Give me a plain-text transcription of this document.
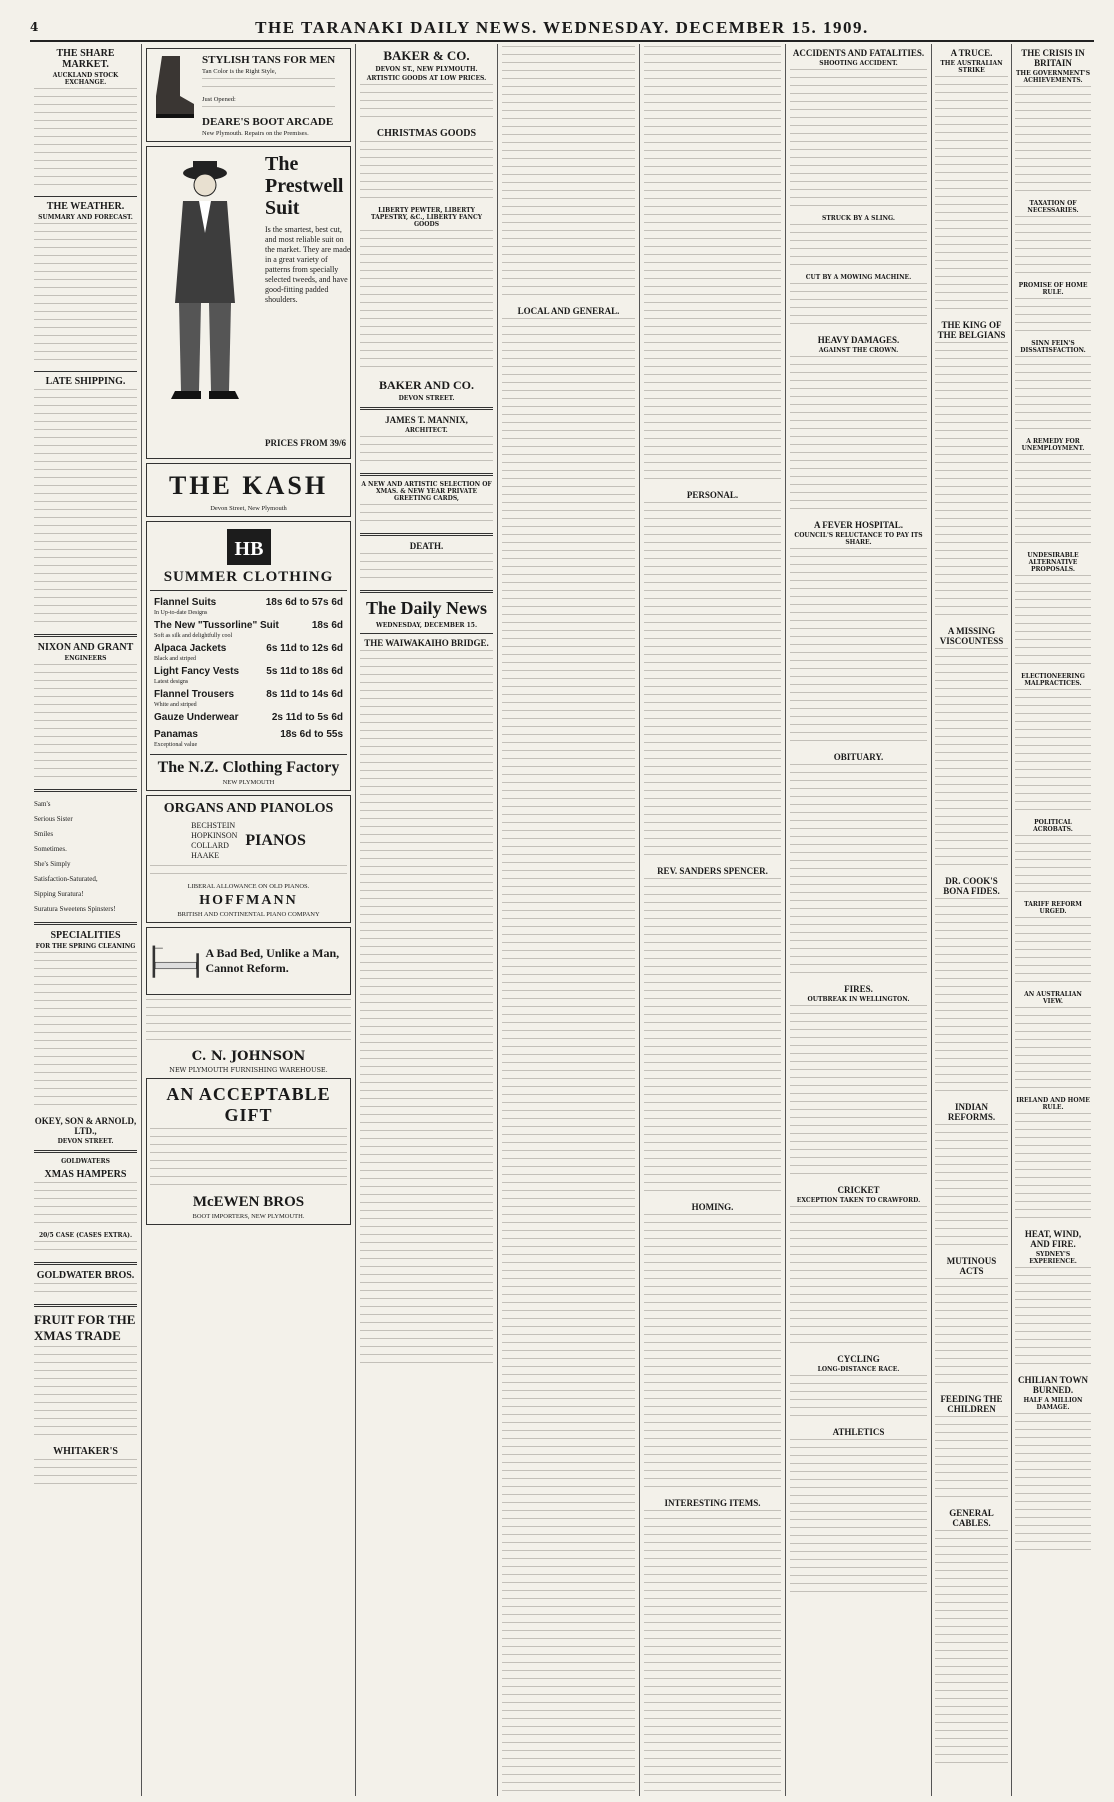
4	THE TARANAKI DAILY NEWS. WEDNESDAY. DECEMBER 15. 1909.
THE SHARE MARKET.
AUCKLAND STOCK EXCHANGE.
THE WEATHER.
SUMMARY AND FORECAST.
LATE SHIPPING.
NIXON AND GRANT
ENGINEERS
Sam's
Serious Sister
Smiles
Sometimes.
She's Simply
Satisfaction-Saturated,
Sipping Suratura!
Suratura Sweetens Spinsters!
SPECIALITIES
FOR THE SPRING CLEANING
OKEY, SON & ARNOLD, LTD.,
DEVON STREET.
GOLDWATERS
XMAS HAMPERS
20/5 CASE (CASES EXTRA).
GOLDWATER BROS.
FRUIT FOR THE XMAS TRADE
WHITAKER'S
STYLISH TANS FOR MEN
Tan Color is the Right Style,
Just Opened:
DEARE'S BOOT ARCADE
New Plymouth. Repairs on the Premises.
The Prestwell Suit
Is the smartest, best cut, and most reliable suit on the market. They are made in a great variety of patterns from specially selected tweeds, and have good-fitting padded shoulders.
PRICES FROM 39/6
THE KASH
Devon Street, New Plymouth
HB
SUMMER CLOTHING
Flannel Suits	18s 6d to 57s 6d
In Up-to-date Designs
The New "Tussorline" Suit	18s 6d
Soft as silk and delightfully cool
Alpaca Jackets	6s 11d to 12s 6d
Black and striped
Light Fancy Vests	5s 11d to 18s 6d
Latest designs
Flannel Trousers	8s 11d to 14s 6d
White and striped
Gauze Underwear	2s 11d to 5s 6d
Panamas	18s 6d to 55s
Exceptional value
The N.Z. Clothing Factory
NEW PLYMOUTH
ORGANS AND PIANOLOS
BECHSTEIN
HOPKINSON
COLLARD
HAAKE
PIANOS
LIBERAL ALLOWANCE ON OLD PIANOS.
HOFFMANN
BRITISH AND CONTINENTAL PIANO COMPANY
A Bad Bed, Unlike a Man, Cannot Reform.
C. N. JOHNSON
NEW PLYMOUTH FURNISHING WAREHOUSE.
AN ACCEPTABLE GIFT
McEWEN BROS
BOOT IMPORTERS, NEW PLYMOUTH.
BAKER & CO.
DEVON ST., NEW PLYMOUTH.
ARTISTIC GOODS AT LOW PRICES.
CHRISTMAS GOODS
LIBERTY PEWTER, LIBERTY TAPESTRY, &C., LIBERTY FANCY GOODS
BAKER AND CO.
DEVON STREET.
JAMES T. MANNIX,
ARCHITECT.
A NEW AND ARTISTIC SELECTION OF XMAS. & NEW YEAR PRIVATE GREETING CARDS,
DEATH.
The Daily News
WEDNESDAY, DECEMBER 15.
THE WAIWAKAIHO BRIDGE.
LOCAL AND GENERAL.
PERSONAL.
REV. SANDERS SPENCER.
HOMING.
INTERESTING ITEMS.
ACCIDENTS AND FATALITIES.
SHOOTING ACCIDENT.
STRUCK BY A SLING.
CUT BY A MOWING MACHINE.
HEAVY DAMAGES.
AGAINST THE CROWN.
A FEVER HOSPITAL.
COUNCIL'S RELUCTANCE TO PAY ITS SHARE.
OBITUARY.
FIRES.
OUTBREAK IN WELLINGTON.
CRICKET
EXCEPTION TAKEN TO CRAWFORD.
CYCLING
LONG-DISTANCE RACE.
ATHLETICS
A TRUCE.
THE AUSTRALIAN STRIKE
THE KING OF THE BELGIANS
A MISSING VISCOUNTESS
DR. COOK'S BONA FIDES.
INDIAN REFORMS.
MUTINOUS ACTS
FEEDING THE CHILDREN
GENERAL CABLES.
THE CRISIS IN BRITAIN
THE GOVERNMENT'S ACHIEVEMENTS.
TAXATION OF NECESSARIES.
PROMISE OF HOME RULE.
SINN FEIN'S DISSATISFACTION.
A REMEDY FOR UNEMPLOYMENT.
UNDESIRABLE ALTERNATIVE PROPOSALS.
ELECTIONEERING MALPRACTICES.
POLITICAL ACROBATS.
TARIFF REFORM URGED.
AN AUSTRALIAN VIEW.
IRELAND AND HOME RULE.
HEAT, WIND, AND FIRE.
SYDNEY'S EXPERIENCE.
CHILIAN TOWN BURNED.
HALF A MILLION DAMAGE.
